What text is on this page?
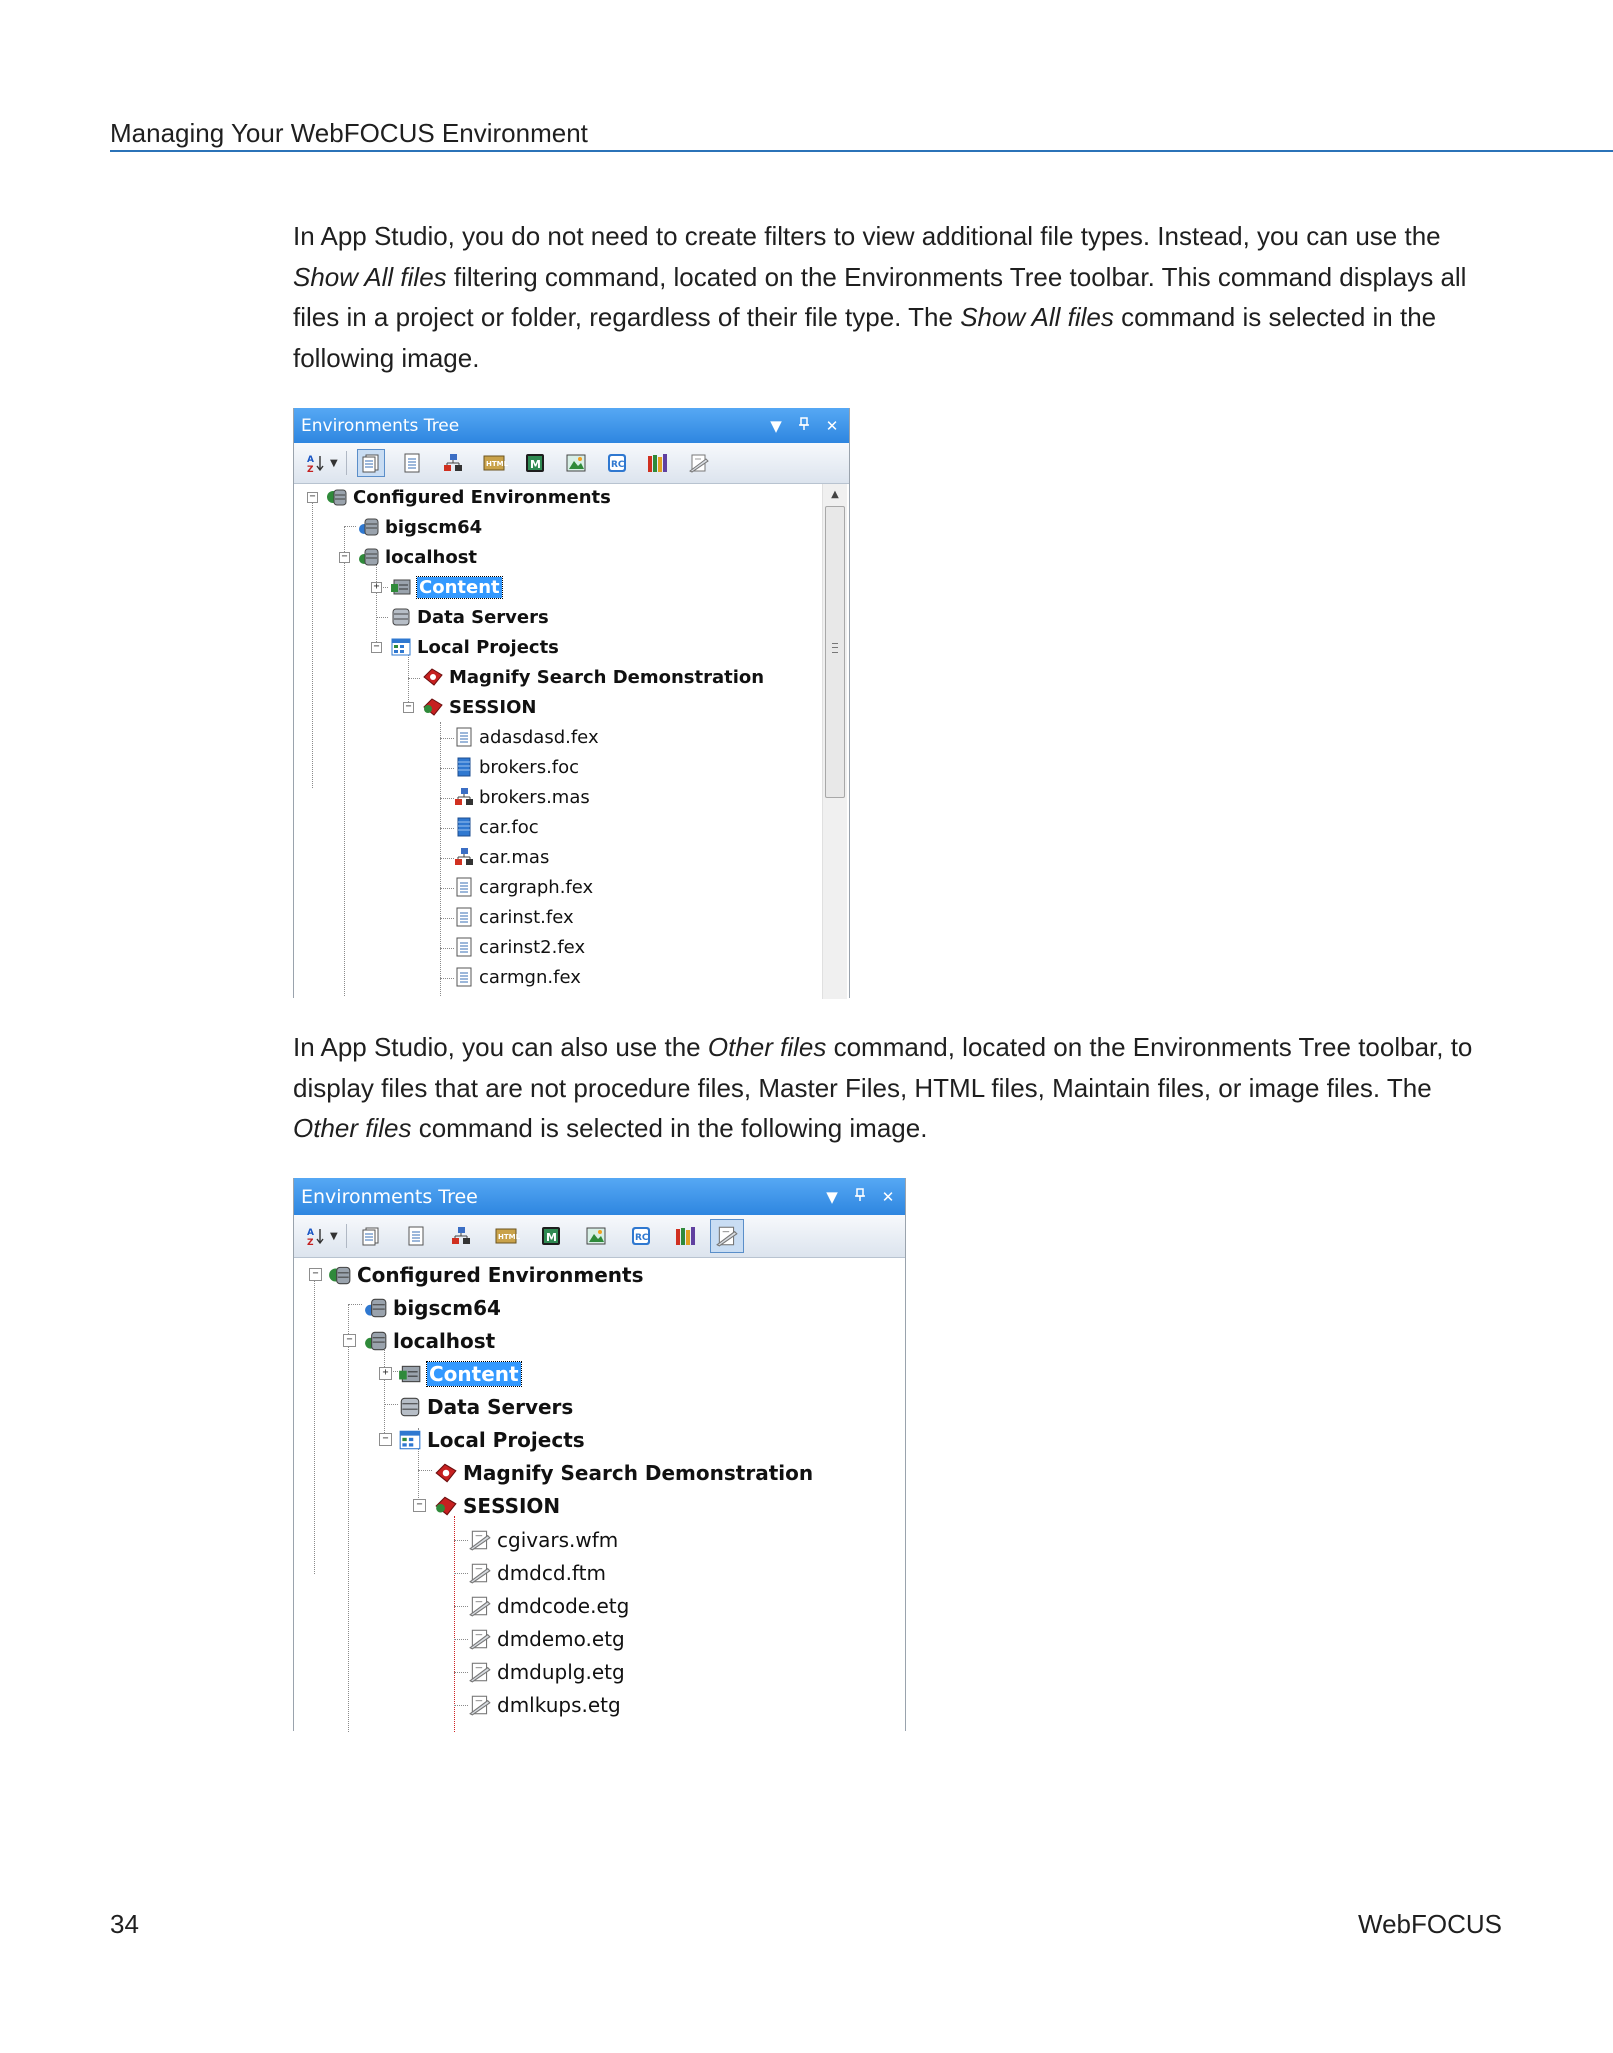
Managing Your WebFOCUS Environment

In App Studio, you do not need to create filters to view additional file types. Instead, you can use the Show All files filtering command, located on the Environments Tree toolbar. This command displays all files in a project or folder, regardless of their file type. The Show All files command is selected in the following image.

Environments Tree	▼	✕
A
Z
▼	HTML M	RC
▲
− Configured Environments
bigscm64
− localhost
+ Content
Data Servers
− Local Projects
Magnify Search Demonstration
− SESSION
adasdasd.fex
brokers.foc
brokers.mas
car.foc
car.mas
cargraph.fex
carinst.fex
carinst2.fex
carmgn.fex

In App Studio, you can also use the Other files command, located on the Environments Tree toolbar, to display files that are not procedure files, Master Files, HTML files, Maintain files, or image files. The Other files command is selected in the following image.

Environments Tree	▼	✕
A
Z
▼	HTML M	RC
− Configured Environments
bigscm64
− localhost
+ Content
Data Servers
− Local Projects
Magnify Search Demonstration
− SESSION
cgivars.wfm
dmdcd.ftm
dmdcode.etg
dmdemo.etg
dmduplg.etg
dmlkups.etg
34	WebFOCUS
